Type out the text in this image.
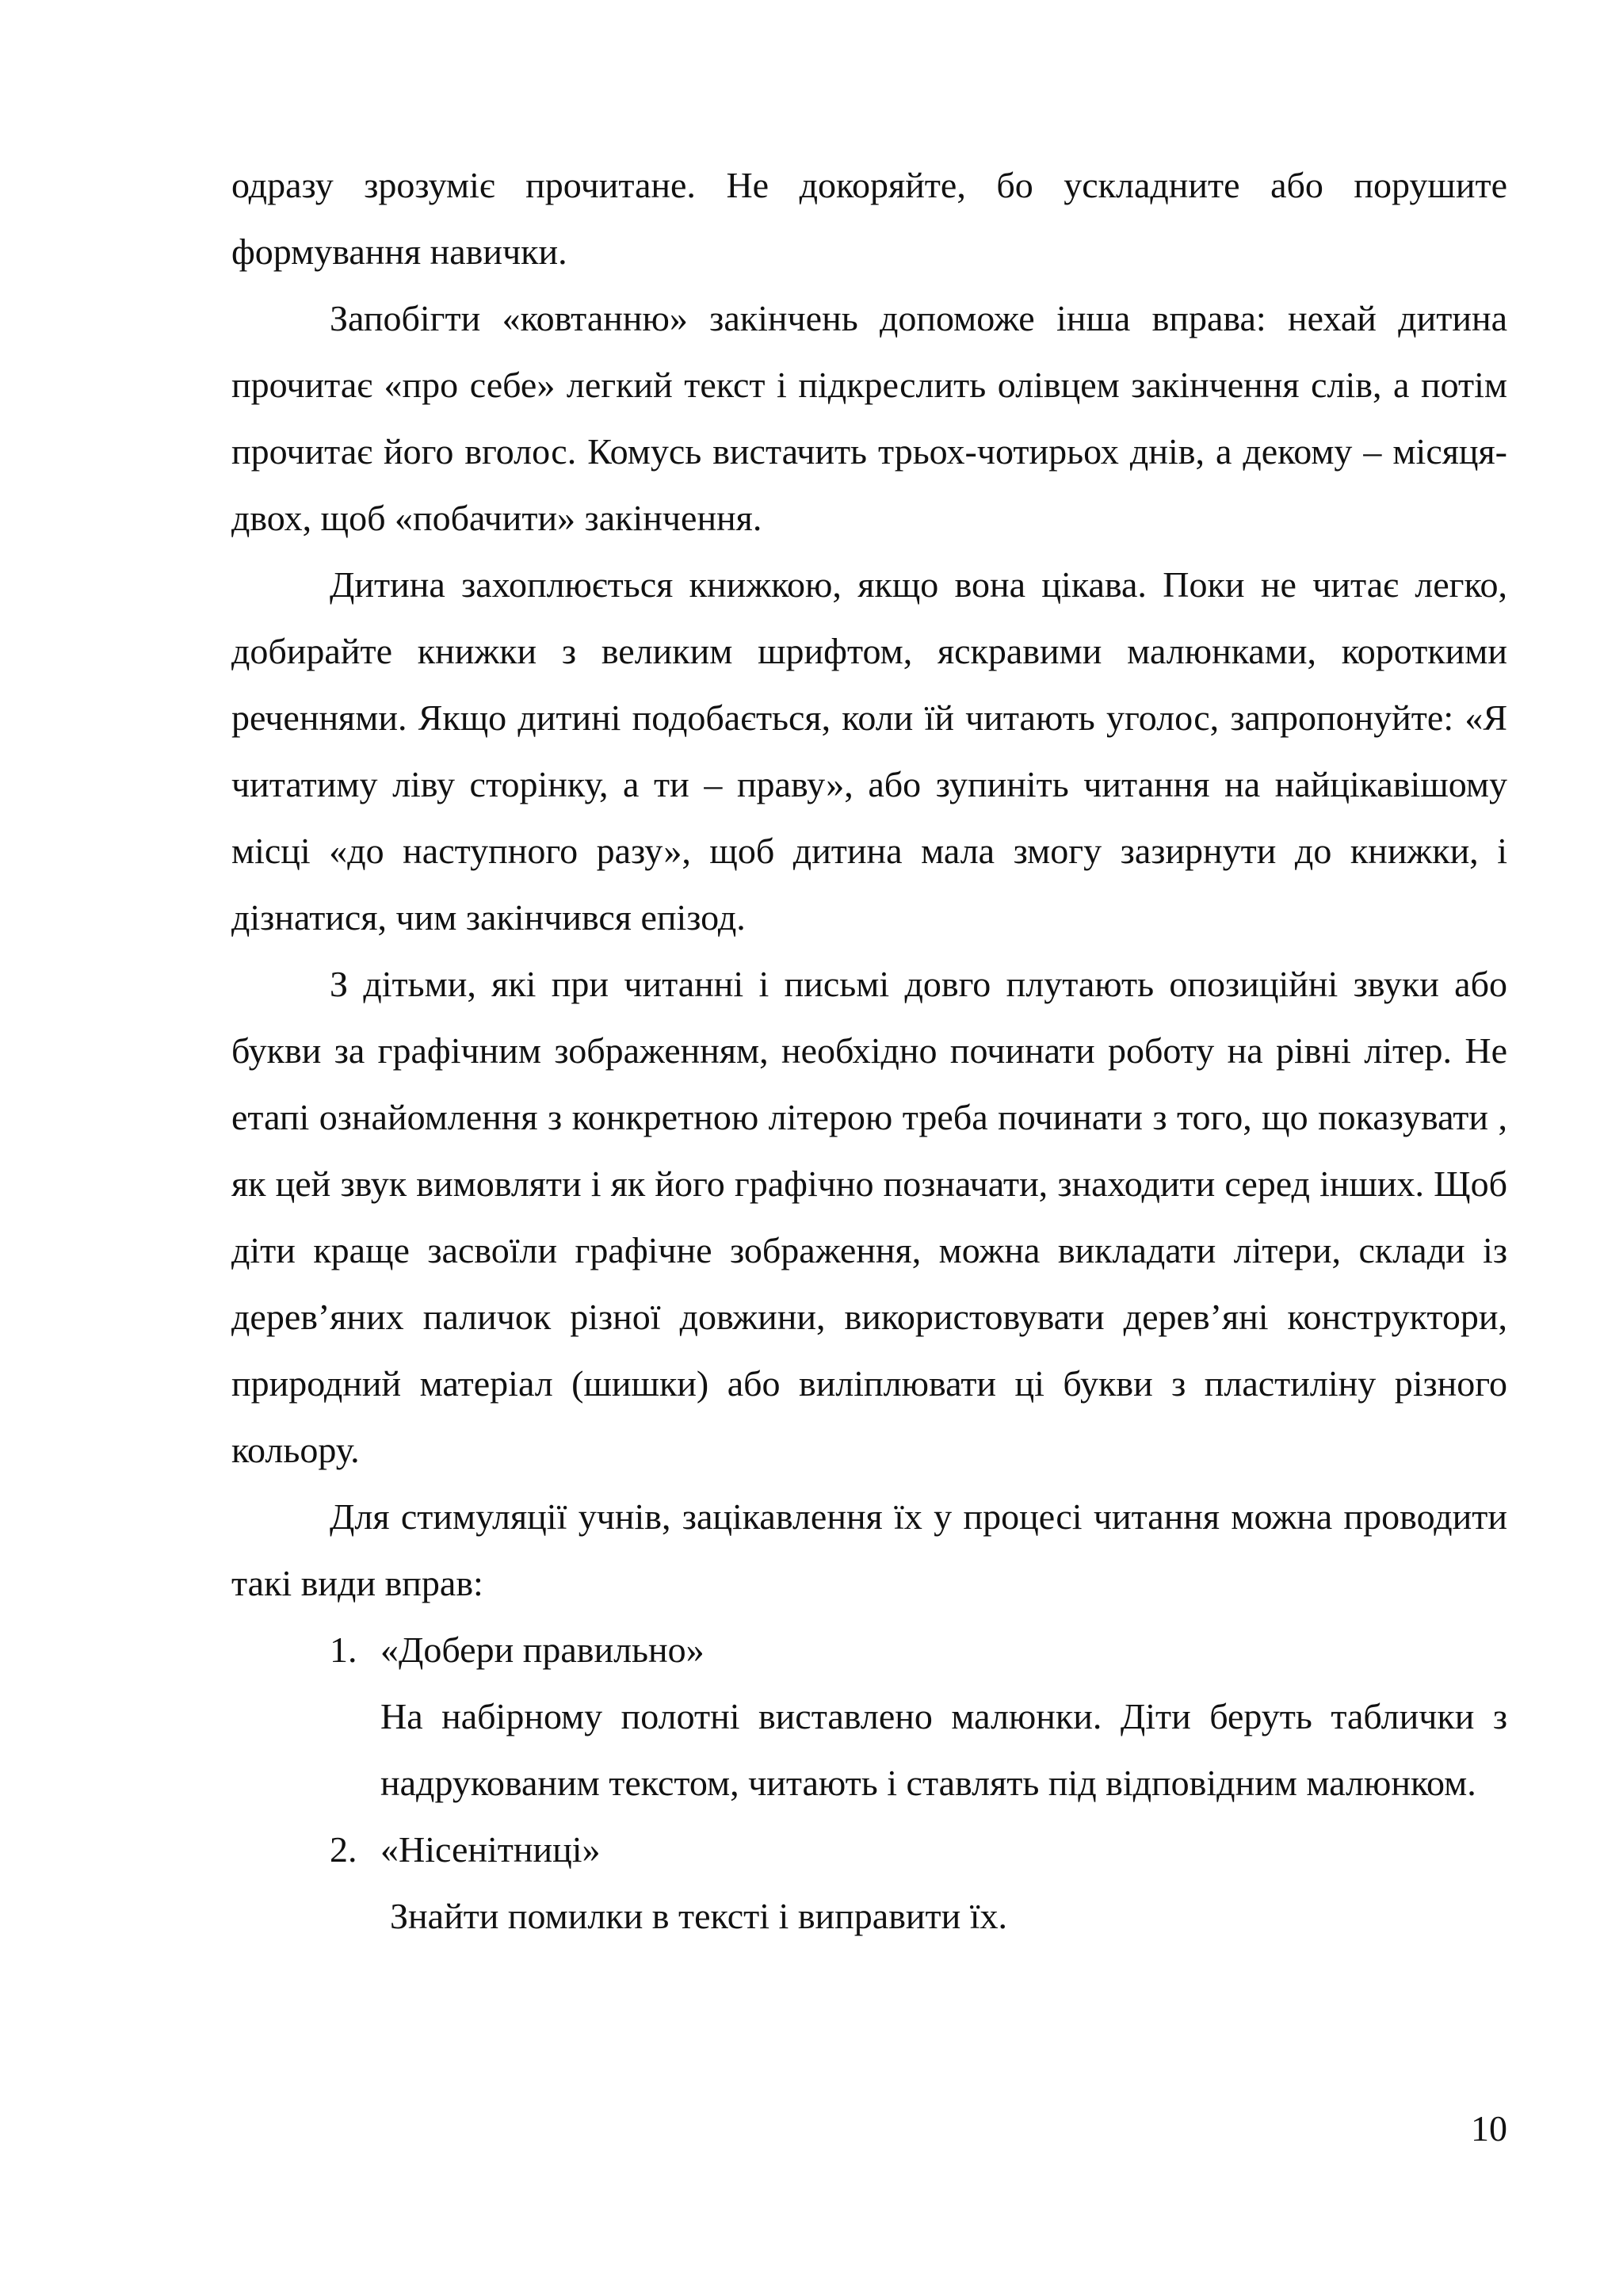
одразу зрозуміє прочитане. Не докоряйте, бо ускладните або порушите формування навички.

Запобігти «ковтанню» закінчень допоможе інша вправа: нехай дитина прочитає «про себе» легкий текст і підкреслить олівцем закінчення слів, а потім прочитає його вголос. Комусь вистачить трьох-чотирьох днів, а декому – місяця-двох, щоб «побачити» закінчення.

Дитина захоплюється книжкою, якщо вона цікава. Поки не читає легко, добирайте книжки з великим шрифтом, яскравими малюнками, короткими реченнями. Якщо дитині подобається, коли їй читають уголос, запропонуйте: «Я читатиму ліву сторінку, а ти – праву», або зупиніть читання на найцікавішому місці «до наступного разу», щоб дитина мала змогу зазирнути до книжки, і дізнатися, чим закінчився епізод.

З дітьми, які при читанні і письмі довго плутають опозиційні звуки або букви за графічним зображенням, необхідно починати роботу на рівні літер. Не етапі ознайомлення з конкретною літерою треба починати з того, що показувати , як цей звук вимовляти і як його графічно позначати, знаходити серед інших. Щоб діти краще засвоїли графічне зображення, можна викладати літери, склади із дерев’яних паличок різної довжини, використовувати дерев’яні конструктори, природний матеріал (шишки) або виліплювати ці букви з пластиліну різного кольору.

Для стимуляції учнів, зацікавлення їх у процесі читання можна проводити такі види вправ:

1. «Добери правильно»

На набірному полотні виставлено малюнки. Діти беруть таблички з надрукованим текстом, читають і ставлять під відповідним малюнком.

2. «Нісенітниці»

Знайти помилки в тексті і виправити їх.

10
